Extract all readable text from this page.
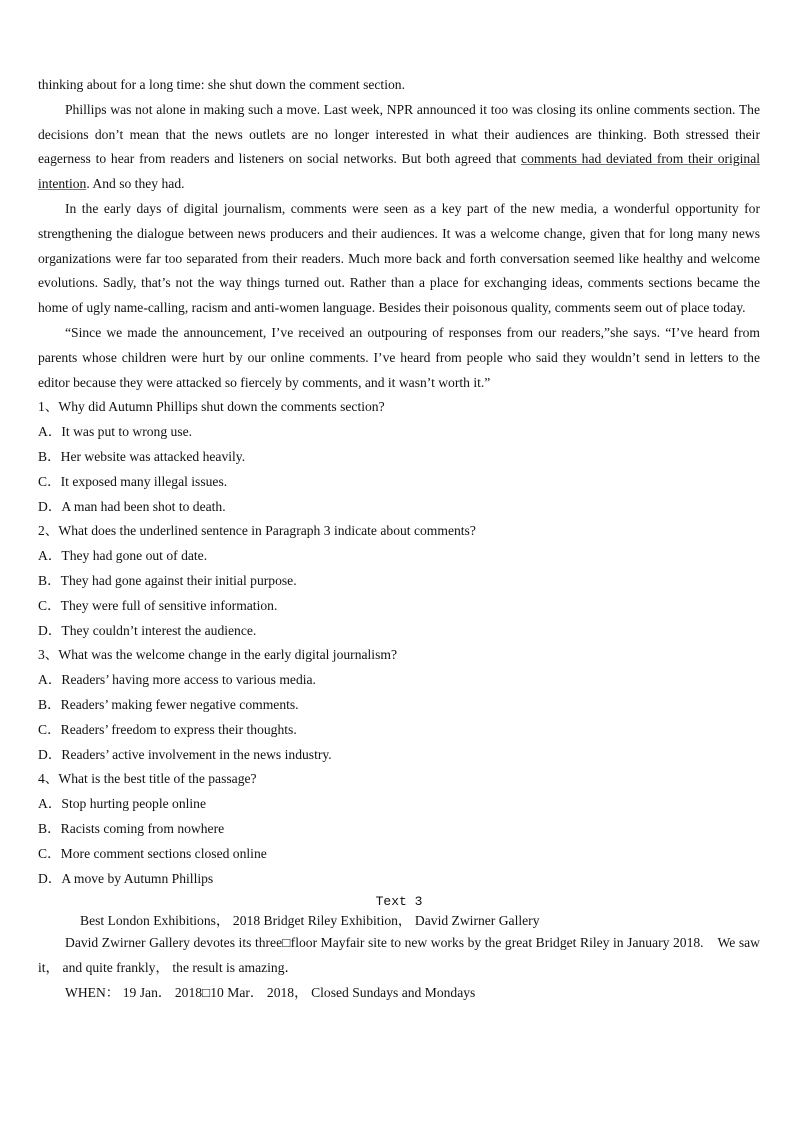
thinking about for a long time: she shut down the comment section.

Phillips was not alone in making such a move. Last week, NPR announced it too was closing its online comments section. The decisions don’t mean that the news outlets are no longer interested in what their audiences are thinking. Both stressed their eagerness to hear from readers and listeners on social networks. But both agreed that comments had deviated from their original intention. And so they had.

In the early days of digital journalism, comments were seen as a key part of the new media, a wonderful opportunity for strengthening the dialogue between news producers and their audiences. It was a welcome change, given that for long many news organizations were far too separated from their readers. Much more back and forth conversation seemed like healthy and welcome evolutions. Sadly, that’s not the way things turned out. Rather than a place for exchanging ideas, comments sections became the home of ugly name-calling, racism and anti-women language. Besides their poisonous quality, comments seem out of place today.

“Since we made the announcement, I’ve received an outpouring of responses from our readers,”she says. “I’ve heard from parents whose children were hurt by our online comments. I’ve heard from people who said they wouldn’t send in letters to the editor because they were attacked so fiercely by comments, and it wasn’t worth it.”

1、Why did Autumn Phillips shut down the comments section?

A．It was put to wrong use.

B．Her website was attacked heavily.

C．It exposed many illegal issues.

D．A man had been shot to death.

2、What does the underlined sentence in Paragraph 3 indicate about comments?

A．They had gone out of date.

B．They had gone against their initial purpose.

C．They were full of sensitive information.

D．They couldn’t interest the audience.

3、What was the welcome change in the early digital journalism?

A．Readers’ having more access to various media.

B．Readers’ making fewer negative comments.

C．Readers’ freedom to express their thoughts.

D．Readers’ active involvement in the news industry.

4、What is the best title of the passage?

A．Stop hurting people online

B．Racists coming from nowhere

C．More comment sections closed online

D．A move by Autumn Phillips

Text 3

Best London Exhibitions， 2018 Bridget Riley Exhibition， David Zwirner Gallery

David Zwirner Gallery devotes its three□floor Mayfair site to new works by the great Bridget Riley in January 2018.　We saw it， and quite frankly， the result is amazing．

WHEN： 19 Jan． 2018□10 Mar． 2018， Closed Sundays and Mondays
